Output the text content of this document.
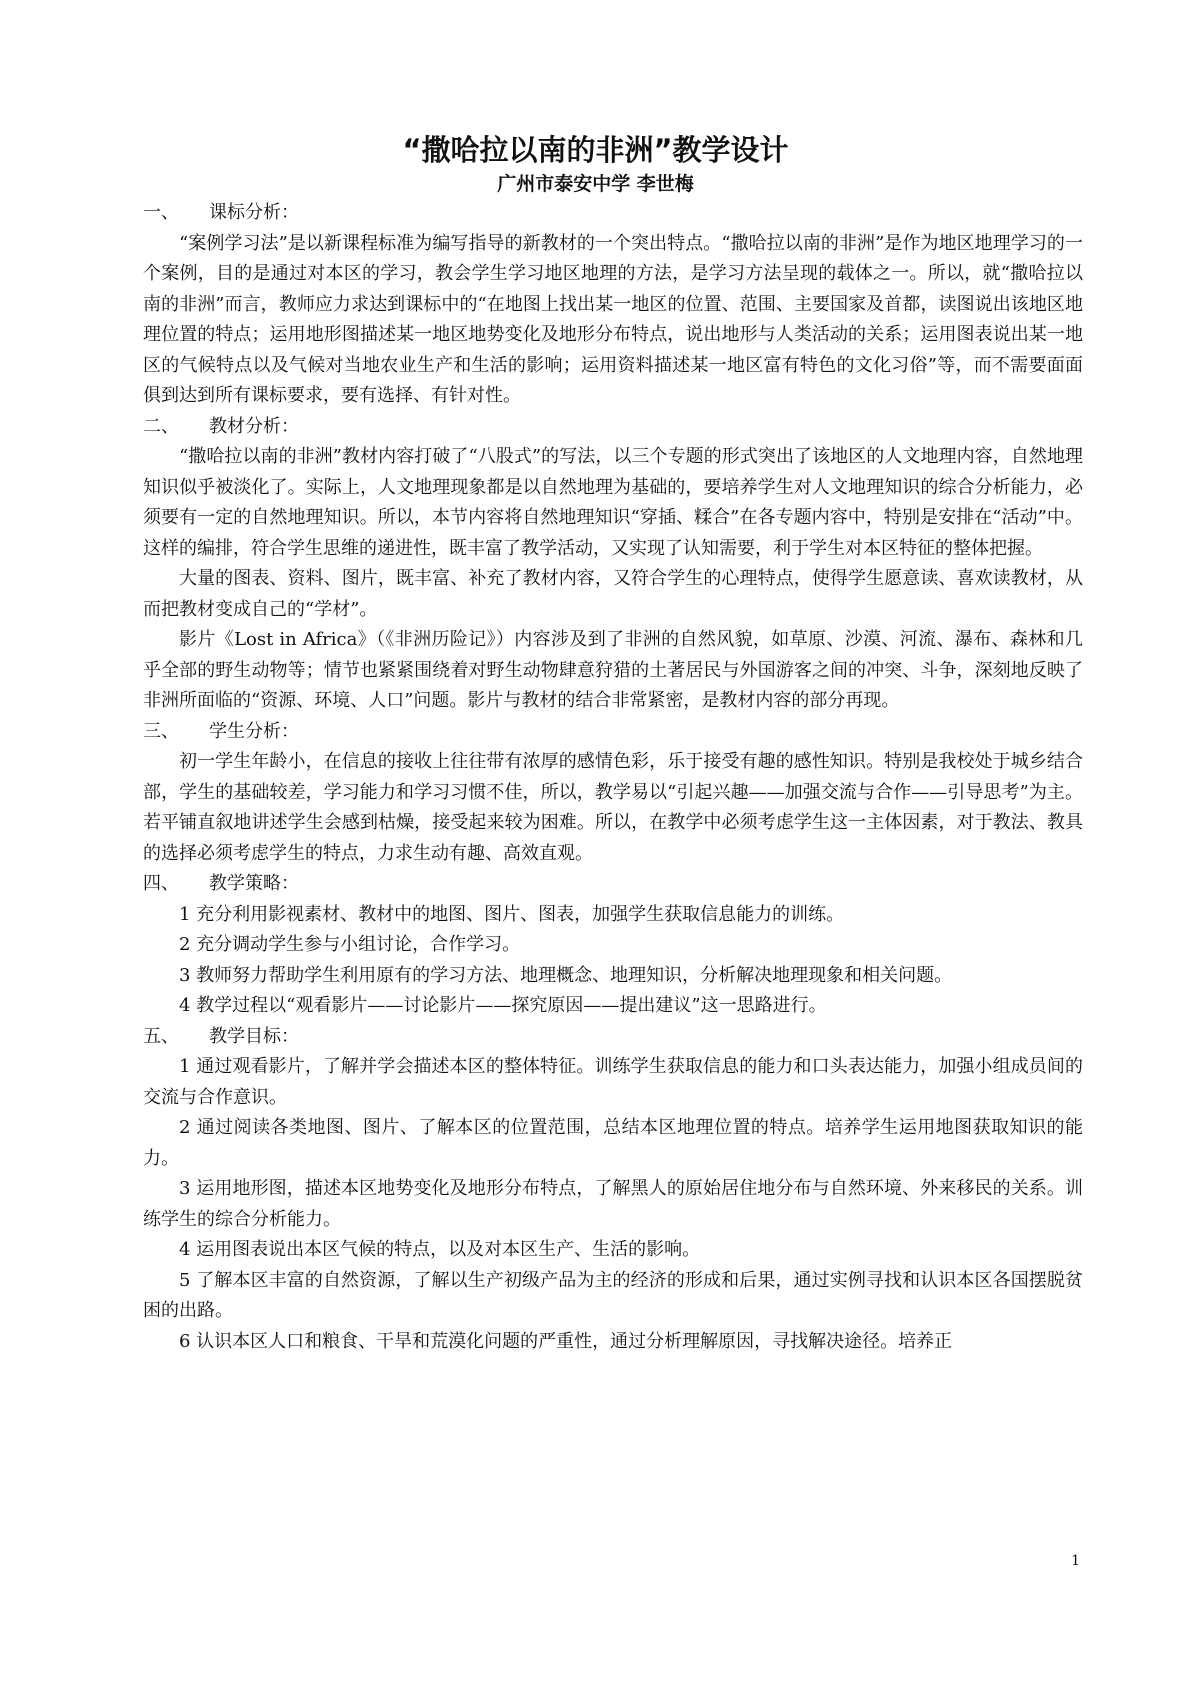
“撒哈拉以南的非洲”教学设计
广州市泰安中学 李世梅
一、	课标分析：

“案例学习法”是以新课程标准为编写指导的新教材的一个突出特点。“撒哈拉以南的非洲”是作为地区地理学习的一个案例，目的是通过对本区的学习，教会学生学习地区地理的方法，是学习方法呈现的载体之一。所以，就“撒哈拉以南的非洲”而言，教师应力求达到课标中的“在地图上找出某一地区的位置、范围、主要国家及首都，读图说出该地区地理位置的特点；运用地形图描述某一地区地势变化及地形分布特点，说出地形与人类活动的关系；运用图表说出某一地区的气候特点以及气候对当地农业生产和生活的影响；运用资料描述某一地区富有特色的文化习俗”等，而不需要面面俱到达到所有课标要求，要有选择、有针对性。

二、	教材分析：

“撒哈拉以南的非洲”教材内容打破了“八股式”的写法，以三个专题的形式突出了该地区的人文地理内容，自然地理知识似乎被淡化了。实际上，人文地理现象都是以自然地理为基础的，要培养学生对人文地理知识的综合分析能力，必须要有一定的自然地理知识。所以，本节内容将自然地理知识“穿插、糅合”在各专题内容中，特别是安排在“活动”中。这样的编排，符合学生思维的递进性，既丰富了教学活动，又实现了认知需要，利于学生对本区特征的整体把握。

大量的图表、资料、图片，既丰富、补充了教材内容，又符合学生的心理特点，使得学生愿意读、喜欢读教材，从而把教材变成自己的“学材”。

影片《Lost in Africa》（《非洲历险记》）内容涉及到了非洲的自然风貌，如草原、沙漠、河流、瀑布、森林和几乎全部的野生动物等；情节也紧紧围绕着对野生动物肆意狩猎的土著居民与外国游客之间的冲突、斗争，深刻地反映了非洲所面临的“资源、环境、人口”问题。影片与教材的结合非常紧密，是教材内容的部分再现。

三、	学生分析：

初一学生年龄小，在信息的接收上往往带有浓厚的感情色彩，乐于接受有趣的感性知识。特别是我校处于城乡结合部，学生的基础较差，学习能力和学习习惯不佳，所以，教学易以“引起兴趣——加强交流与合作——引导思考”为主。若平铺直叙地讲述学生会感到枯燥，接受起来较为困难。所以，在教学中必须考虑学生这一主体因素，对于教法、教具的选择必须考虑学生的特点，力求生动有趣、高效直观。

四、	教学策略：

1 充分利用影视素材、教材中的地图、图片、图表，加强学生获取信息能力的训练。

2 充分调动学生参与小组讨论，合作学习。

3 教师努力帮助学生利用原有的学习方法、地理概念、地理知识，分析解决地理现象和相关问题。

4 教学过程以“观看影片——讨论影片——探究原因——提出建议”这一思路进行。

五、	教学目标：

1 通过观看影片，了解并学会描述本区的整体特征。训练学生获取信息的能力和口头表达能力，加强小组成员间的交流与合作意识。

2 通过阅读各类地图、图片、了解本区的位置范围，总结本区地理位置的特点。培养学生运用地图获取知识的能力。

3 运用地形图，描述本区地势变化及地形分布特点，了解黑人的原始居住地分布与自然环境、外来移民的关系。训练学生的综合分析能力。

4 运用图表说出本区气候的特点，以及对本区生产、生活的影响。

5 了解本区丰富的自然资源，了解以生产初级产品为主的经济的形成和后果，通过实例寻找和认识本区各国摆脱贫困的出路。

6 认识本区人口和粮食、干旱和荒漠化问题的严重性，通过分析理解原因，寻找解决途径。培养正

1
